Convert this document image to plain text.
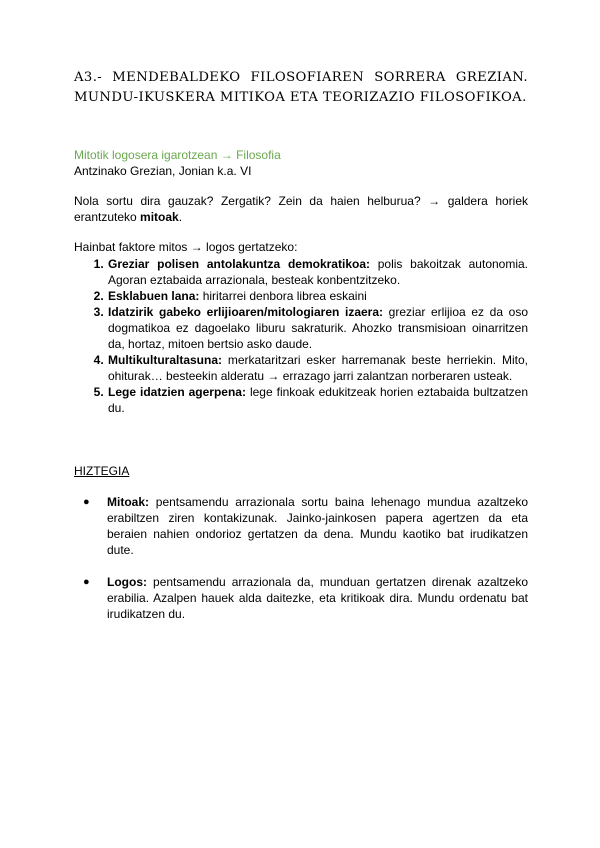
A3.- MENDEBALDEKO FILOSOFIAREN SORRERA GREZIAN.
MUNDU-IKUSKERA MITIKOA ETA TEORIZAZIO FILOSOFIKOA.
Mitotik logosera igarotzean → Filosofia

Antzinako Grezian, Jonian k.a. VI

Nola sortu dira gauzak? Zergatik? Zein da haien helburua? → galdera horiek erantzuteko mitoak.

Hainbat faktore mitos → logos gertatzeko:

1. Greziar polisen antolakuntza demokratikoa: polis bakoitzak autonomia. Agoran eztabaida arrazionala, besteak konbentzitzeko.
2. Esklabuen lana: hiritarrei denbora librea eskaini
3. Idatzirik gabeko erlijioaren/mitologiaren izaera: greziar erlijioa ez da oso dogmatikoa ez dagoelako liburu sakraturik. Ahozko transmisioan oinarritzen da, hortaz, mitoen bertsio asko daude.
4. Multikulturaltasuna: merkataritzari esker harremanak beste herriekin. Mito, ohiturak… besteekin alderatu → errazago jarri zalantzan norberaren usteak.
5. Lege idatzien agerpena: lege finkoak edukitzeak horien eztabaida bultzatzen du.
HIZTEGIA
● Mitoak: pentsamendu arrazionala sortu baina lehenago mundua azaltzeko erabiltzen ziren kontakizunak. Jainko-jainkosen papera agertzen da eta beraien nahien ondorioz gertatzen da dena. Mundu kaotiko bat irudikatzen dute.
● Logos: pentsamendu arrazionala da, munduan gertatzen direnak azaltzeko erabilia. Azalpen hauek alda daitezke, eta kritikoak dira. Mundu ordenatu bat irudikatzen du.
